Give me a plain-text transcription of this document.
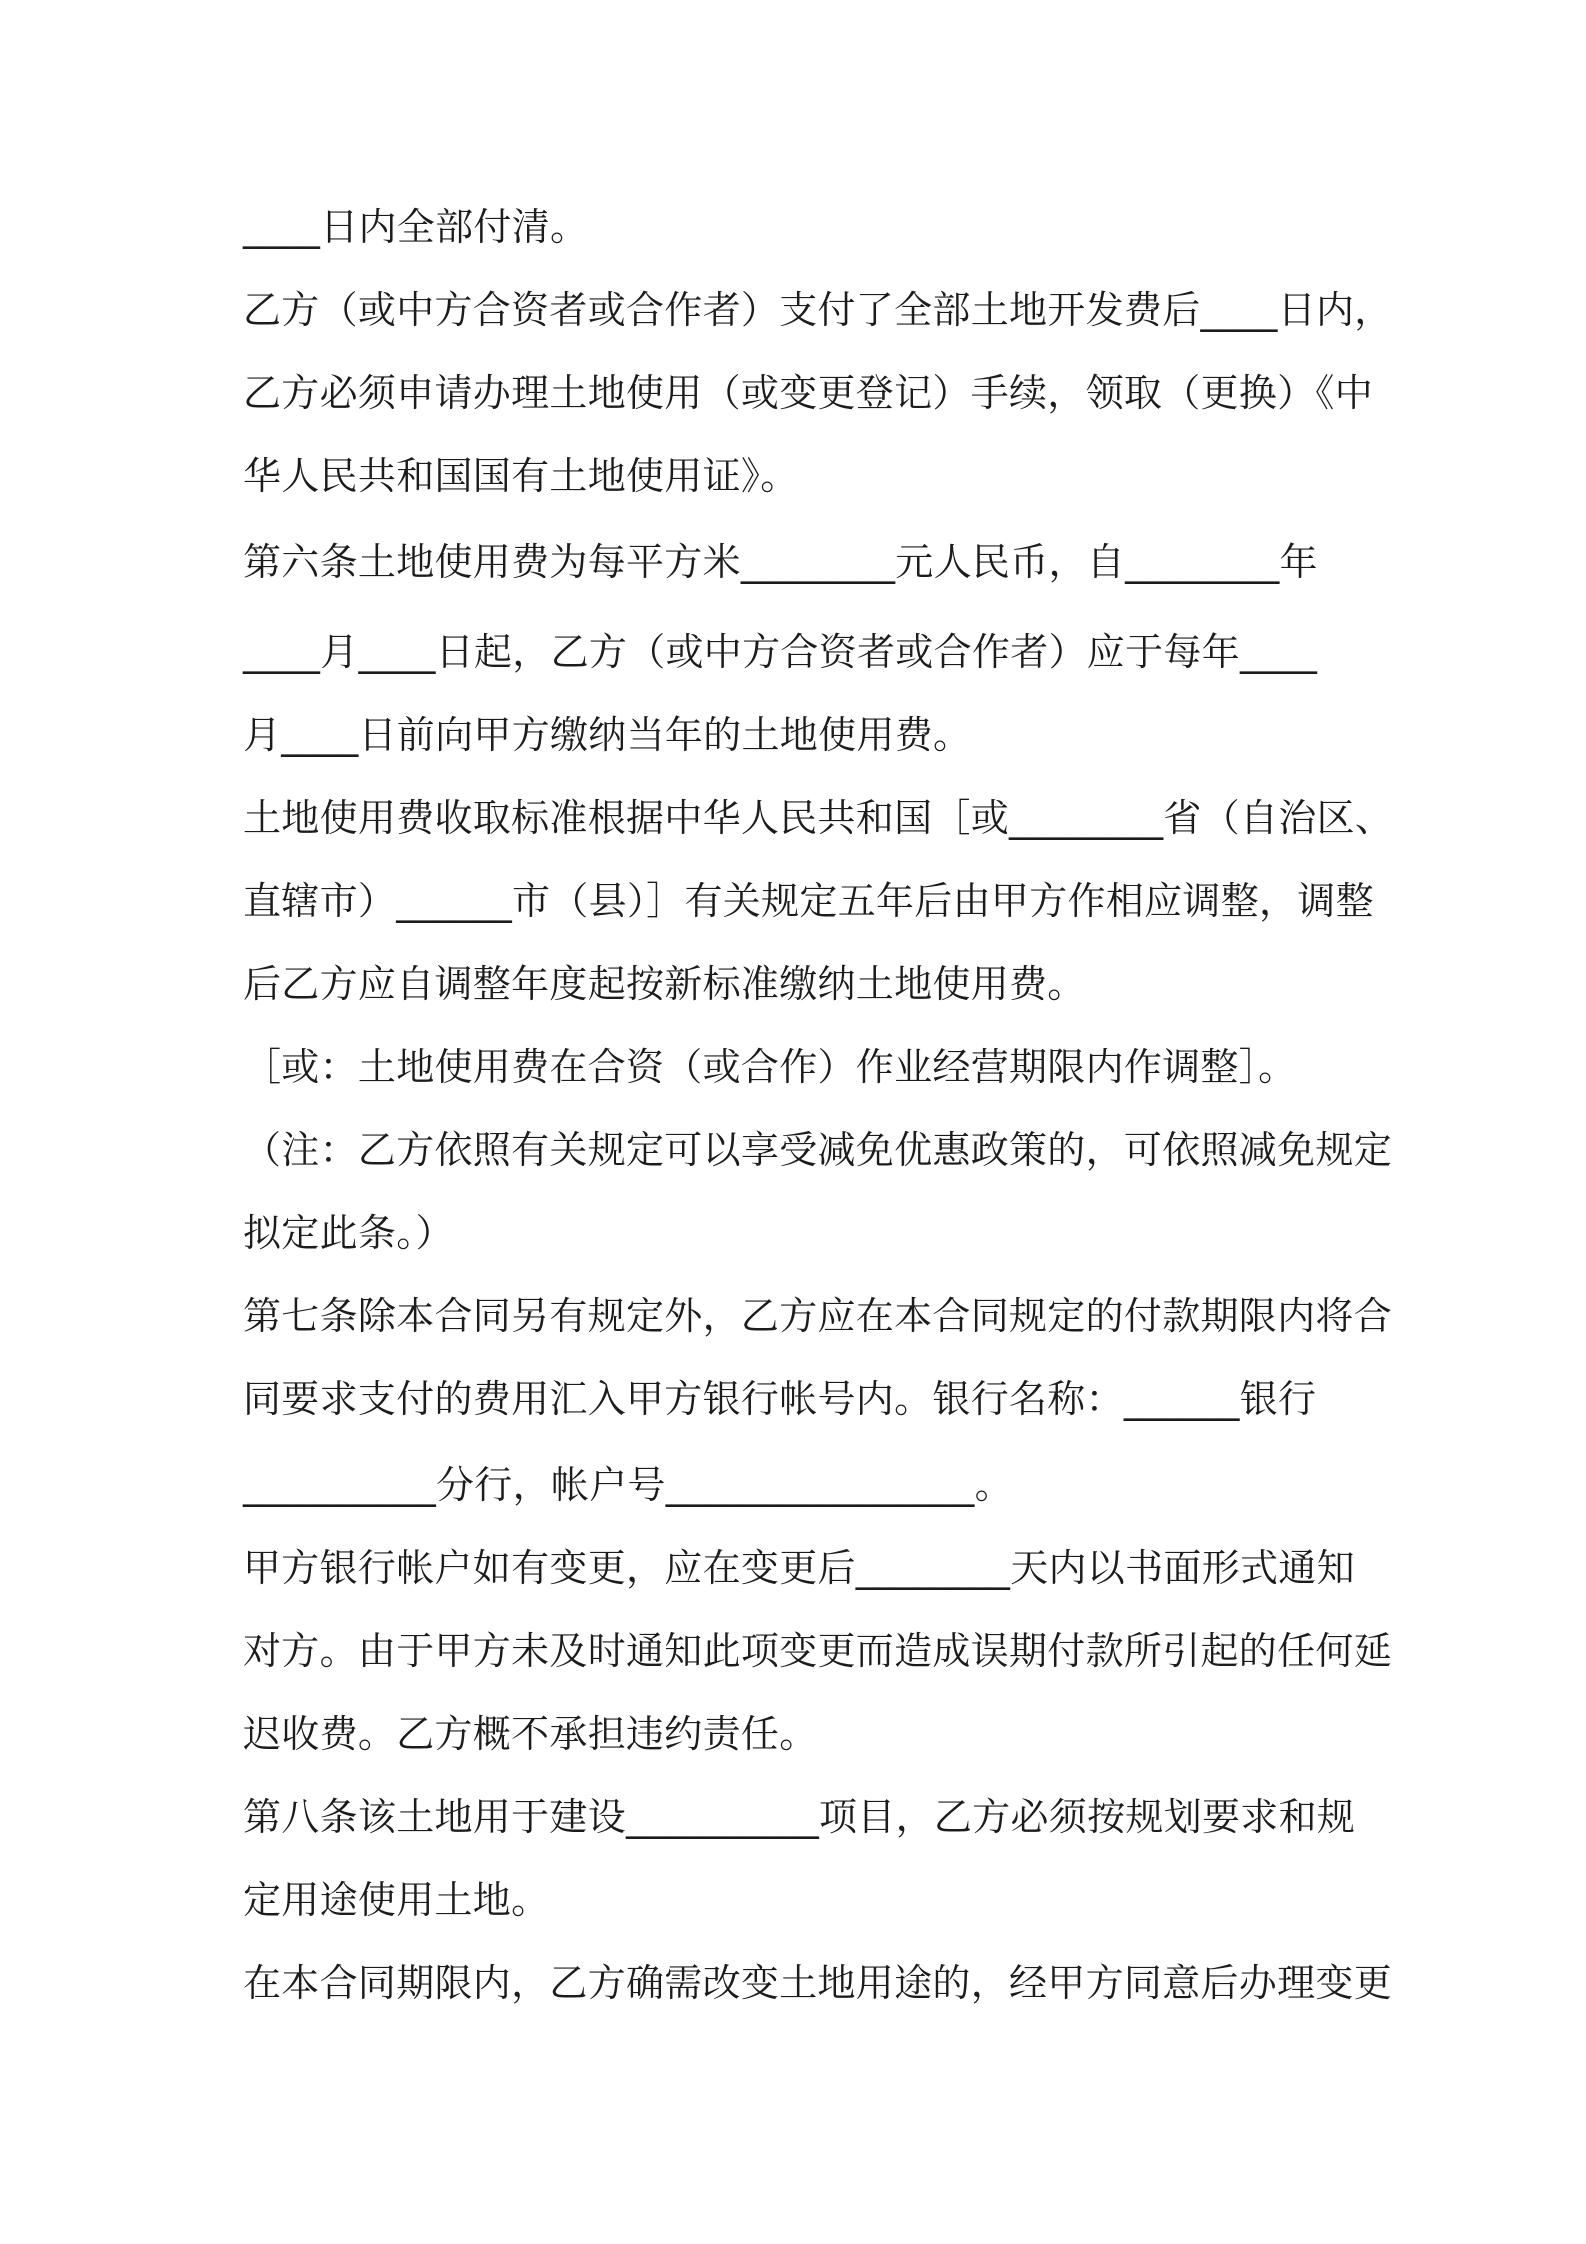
____日内全部付清。
乙方（或中方合资者或合作者）支付了全部土地开发费后____日内，
乙方必须申请办理土地使用（或变更登记）手续，领取（更换）《中
华人民共和国国有土地使用证》。
第六条土地使用费为每平方米________元人民币，自________年
____月____日起，乙方（或中方合资者或合作者）应于每年____
月____日前向甲方缴纳当年的土地使用费。
土地使用费收取标准根据中华人民共和国［或________省（自治区、
直辖市）______市（县）］有关规定五年后由甲方作相应调整，调整
后乙方应自调整年度起按新标准缴纳土地使用费。
［或：土地使用费在合资（或合作）作业经营期限内作调整］。
（注：乙方依照有关规定可以享受减免优惠政策的，可依照减免规定
拟定此条。）
第七条除本合同另有规定外，乙方应在本合同规定的付款期限内将合
同要求支付的费用汇入甲方银行帐号内。银行名称：______银行
__________分行，帐户号________________。
甲方银行帐户如有变更，应在变更后________天内以书面形式通知
对方。由于甲方未及时通知此项变更而造成误期付款所引起的任何延
迟收费。乙方概不承担违约责任。
第八条该土地用于建设__________项目，乙方必须按规划要求和规
定用途使用土地。
在本合同期限内，乙方确需改变土地用途的，经甲方同意后办理变更
